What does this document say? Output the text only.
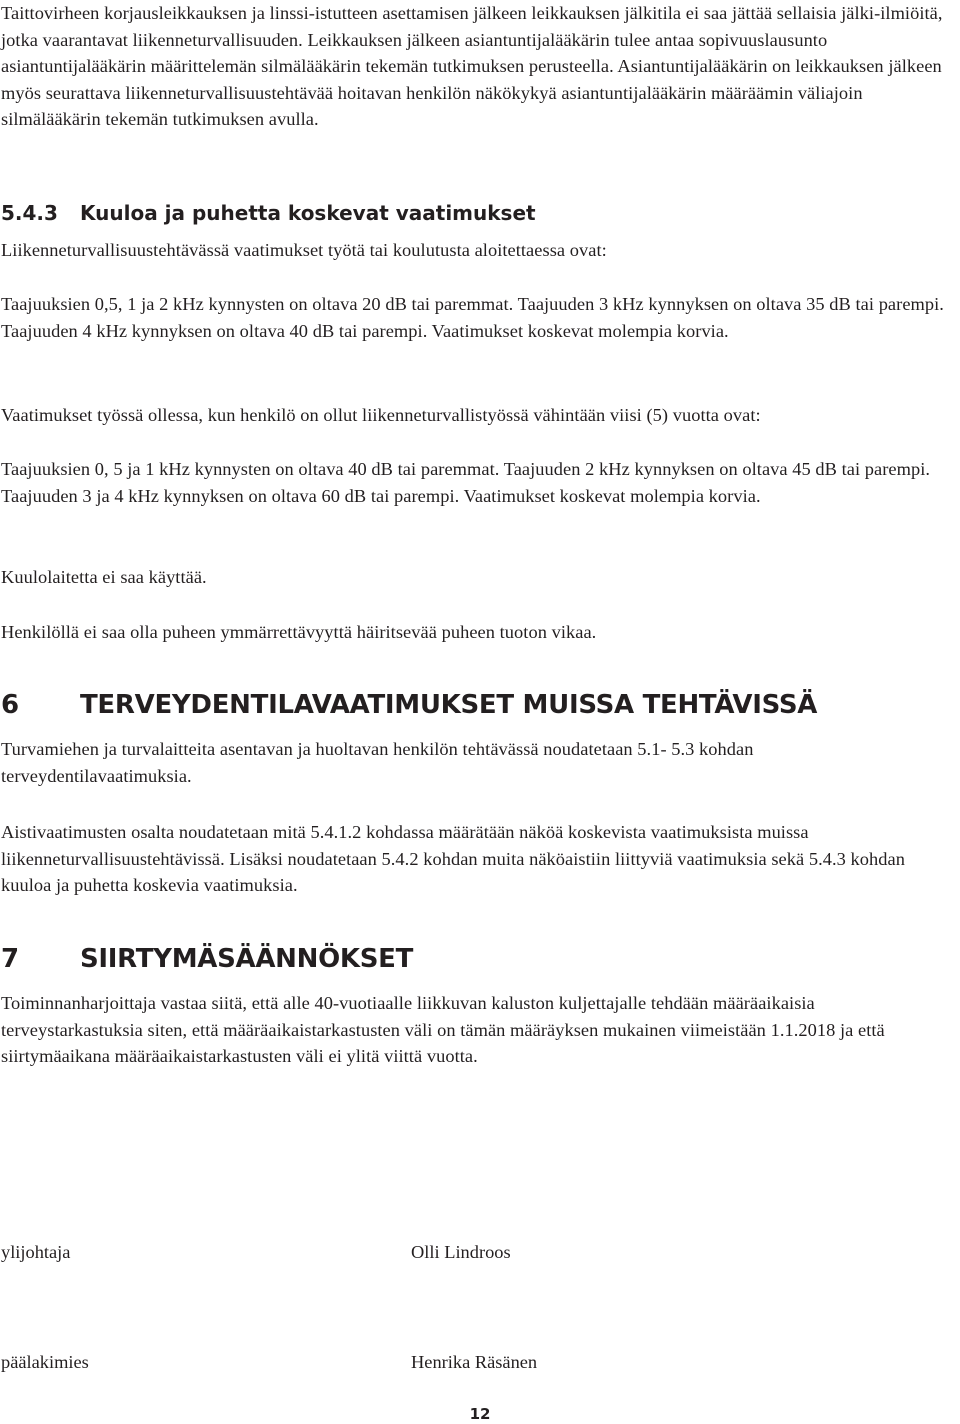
Taittovirheen korjausleikkauksen ja linssi-istutteen asettamisen jälkeen leikkauksen jälkitila ei saa jättää sellaisia jälki-ilmiöitä, jotka vaarantavat liikenneturvallisuuden. Leikkauksen jälkeen asiantuntijalääkärin tulee antaa sopivuuslausunto asiantuntijalääkärin määrittelemän silmälääkärin tekemän tutkimuksen perusteella. Asiantuntijalääkärin on leikkauksen jälkeen myös seurattava liikenneturvallisuustehtävää hoitavan henkilön näkökykyä asiantuntijalääkärin määräämin väliajoin silmälääkärin tekemän tutkimuksen avulla.

5.4.3 Kuuloa ja puhetta koskevat vaatimukset

Liikenneturvallisuustehtävässä vaatimukset työtä tai koulutusta aloitettaessa ovat:

Taajuuksien 0,5, 1 ja 2 kHz kynnysten on oltava 20 dB tai paremmat. Taajuuden 3 kHz kynnyksen on oltava 35 dB tai parempi. Taajuuden 4 kHz kynnyksen on oltava 40 dB tai parempi. Vaatimukset koskevat molempia korvia.

Vaatimukset työssä ollessa, kun henkilö on ollut liikenneturvallistyössä vähintään viisi (5) vuotta ovat:

Taajuuksien 0, 5 ja 1 kHz kynnysten on oltava 40 dB tai paremmat. Taajuuden 2 kHz kynnyksen on oltava 45 dB tai parempi. Taajuuden 3 ja 4 kHz kynnyksen on oltava 60 dB tai parempi. Vaatimukset koskevat molempia korvia.

Kuulolaitetta ei saa käyttää.

Henkilöllä ei saa olla puheen ymmärrettävyyttä häiritsevää puheen tuoton vikaa.

6 TERVEYDENTILAVAATIMUKSET MUISSA TEHTÄVISSÄ

Turvamiehen ja turvalaitteita asentavan ja huoltavan henkilön tehtävässä noudatetaan 5.1- 5.3 kohdan terveydentilavaatimuksia.

Aistivaatimusten osalta noudatetaan mitä 5.4.1.2 kohdassa määrätään näköä koskevista vaatimuksista muissa liikenneturvallisuustehtävissä. Lisäksi noudatetaan 5.4.2 kohdan muita näköaistiin liittyviä vaatimuksia sekä 5.4.3 kohdan kuuloa ja puhetta koskevia vaatimuksia.

7 SIIRTYMÄSÄÄNNÖKSET

Toiminnanharjoittaja vastaa siitä, että alle 40-vuotiaalle liikkuvan kaluston kuljettajalle tehdään määräaikaisia terveystarkastuksia siten, että määräaikaistarkastusten väli on tämän määräyksen mukainen viimeistään 1.1.2018 ja että siirtymäaikana määräaikaistarkastusten väli ei ylitä viittä vuotta.

ylijohtaja	Olli Lindroos

päälakimies	Henrika Räsänen

12
